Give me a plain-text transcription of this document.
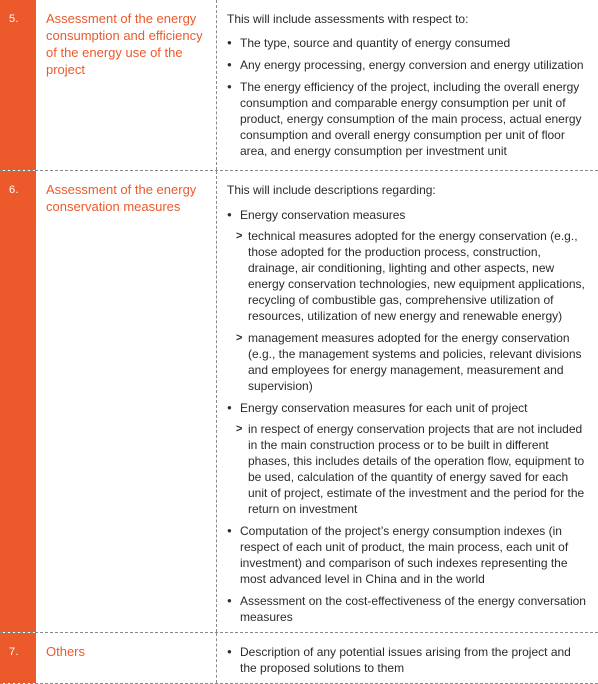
5. Assessment of the energy consumption and efficiency of the energy use of the project

This will include assessments with respect to:

● The type, source and quantity of energy consumed
● Any energy processing, energy conversion and energy utilization
● The energy efficiency of the project, including the overall energy consumption and comparable energy consumption per unit of product, energy consumption of the main process, actual energy consumption and overall energy consumption per unit of floor area, and energy consumption per investment unit
6. Assessment of the energy conservation measures

This will include descriptions regarding:

● Energy conservation measures
> technical measures adopted for the energy conservation (e.g., those adopted for the production process, construction, drainage, air conditioning, lighting and other aspects, new energy conservation technologies, new equipment applications, recycling of combustible gas, comprehensive utilization of resources, utilization of new energy and renewable energy)
> management measures adopted for the energy conservation (e.g., the management systems and policies, relevant divisions and employees for energy management, measurement and supervision)
● Energy conservation measures for each unit of project
> in respect of energy conservation projects that are not included in the main construction process or to be built in different phases, this includes details of the operation flow, equipment to be used, calculation of the quantity of energy saved for each unit of project, estimate of the investment and the period for the return on investment
● Computation of the project’s energy consumption indexes (in respect of each unit of product, the main process, each unit of investment) and comparison of such indexes representing the most advanced level in China and in the world
● Assessment on the cost-effectiveness of the energy conversation measures
7. Others
●	Description of any potential issues arising from the project and the proposed solutions to them
